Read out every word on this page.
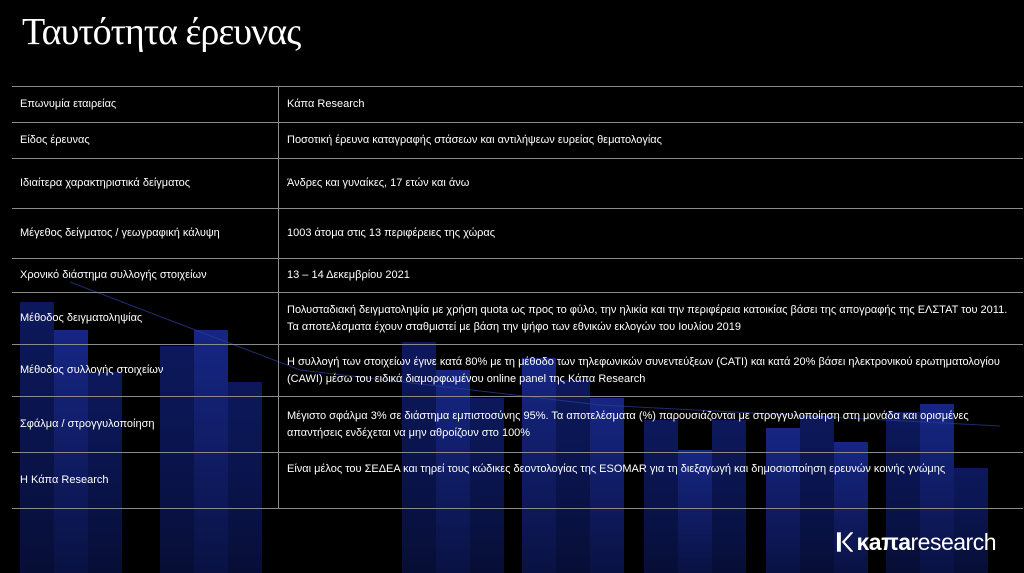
Ταυτότητα έρευνας
Επωνυμία εταιρείας	Κάπα Research
Είδος έρευνας	Ποσοτική έρευνα καταγραφής στάσεων και αντιλήψεων ευρείας θεματολογίας
Ιδιαίτερα χαρακτηριστικά δείγματος	Άνδρες και γυναίκες, 17 ετών και άνω
Μέγεθος δείγματος / γεωγραφική κάλυψη	1003 άτομα στις 13 περιφέρειες της χώρας
Χρονικό διάστημα συλλογής στοιχείων	13 – 14 Δεκεμβρίου 2021
Μέθοδος δειγματοληψίας	Πολυσταδιακή δειγματοληψία με χρήση quota ως προς το φύλο, την ηλικία και την περιφέρεια κατοικίας βάσει της απογραφής της ΕΛΣΤΑΤ του 2011. Τα αποτελέσματα έχουν σταθμιστεί με βάση την ψήφο των εθνικών εκλογών του Ιουλίου 2019
Μέθοδος συλλογής στοιχείων	Η συλλογή των στοιχείων έγινε κατά 80% με τη μέθοδο των τηλεφωνικών συνεντεύξεων (CATI) και κατά 20% βάσει ηλεκτρονικού ερωτηματολογίου (CAWI) μέσω του ειδικά διαμορφωμένου online panel της Κάπα Research
Σφάλμα / στρογγυλοποίηση	Μέγιστο σφάλμα 3% σε διάστημα εμπιστοσύνης 95%. Τα αποτελέσματα (%) παρουσιάζονται με στρογγυλοποίηση στη μονάδα και ορισμένες απαντήσεις ενδέχεται να μην αθροίζουν στο 100%
Η Κάπα Research	Είναι μέλος του ΣΕΔΕΑ και τηρεί τους κώδικες δεοντολογίας της ESOMAR για τη διεξαγωγή και δημοσιοποίηση ερευνών κοινής γνώμης
κaπaresearch
